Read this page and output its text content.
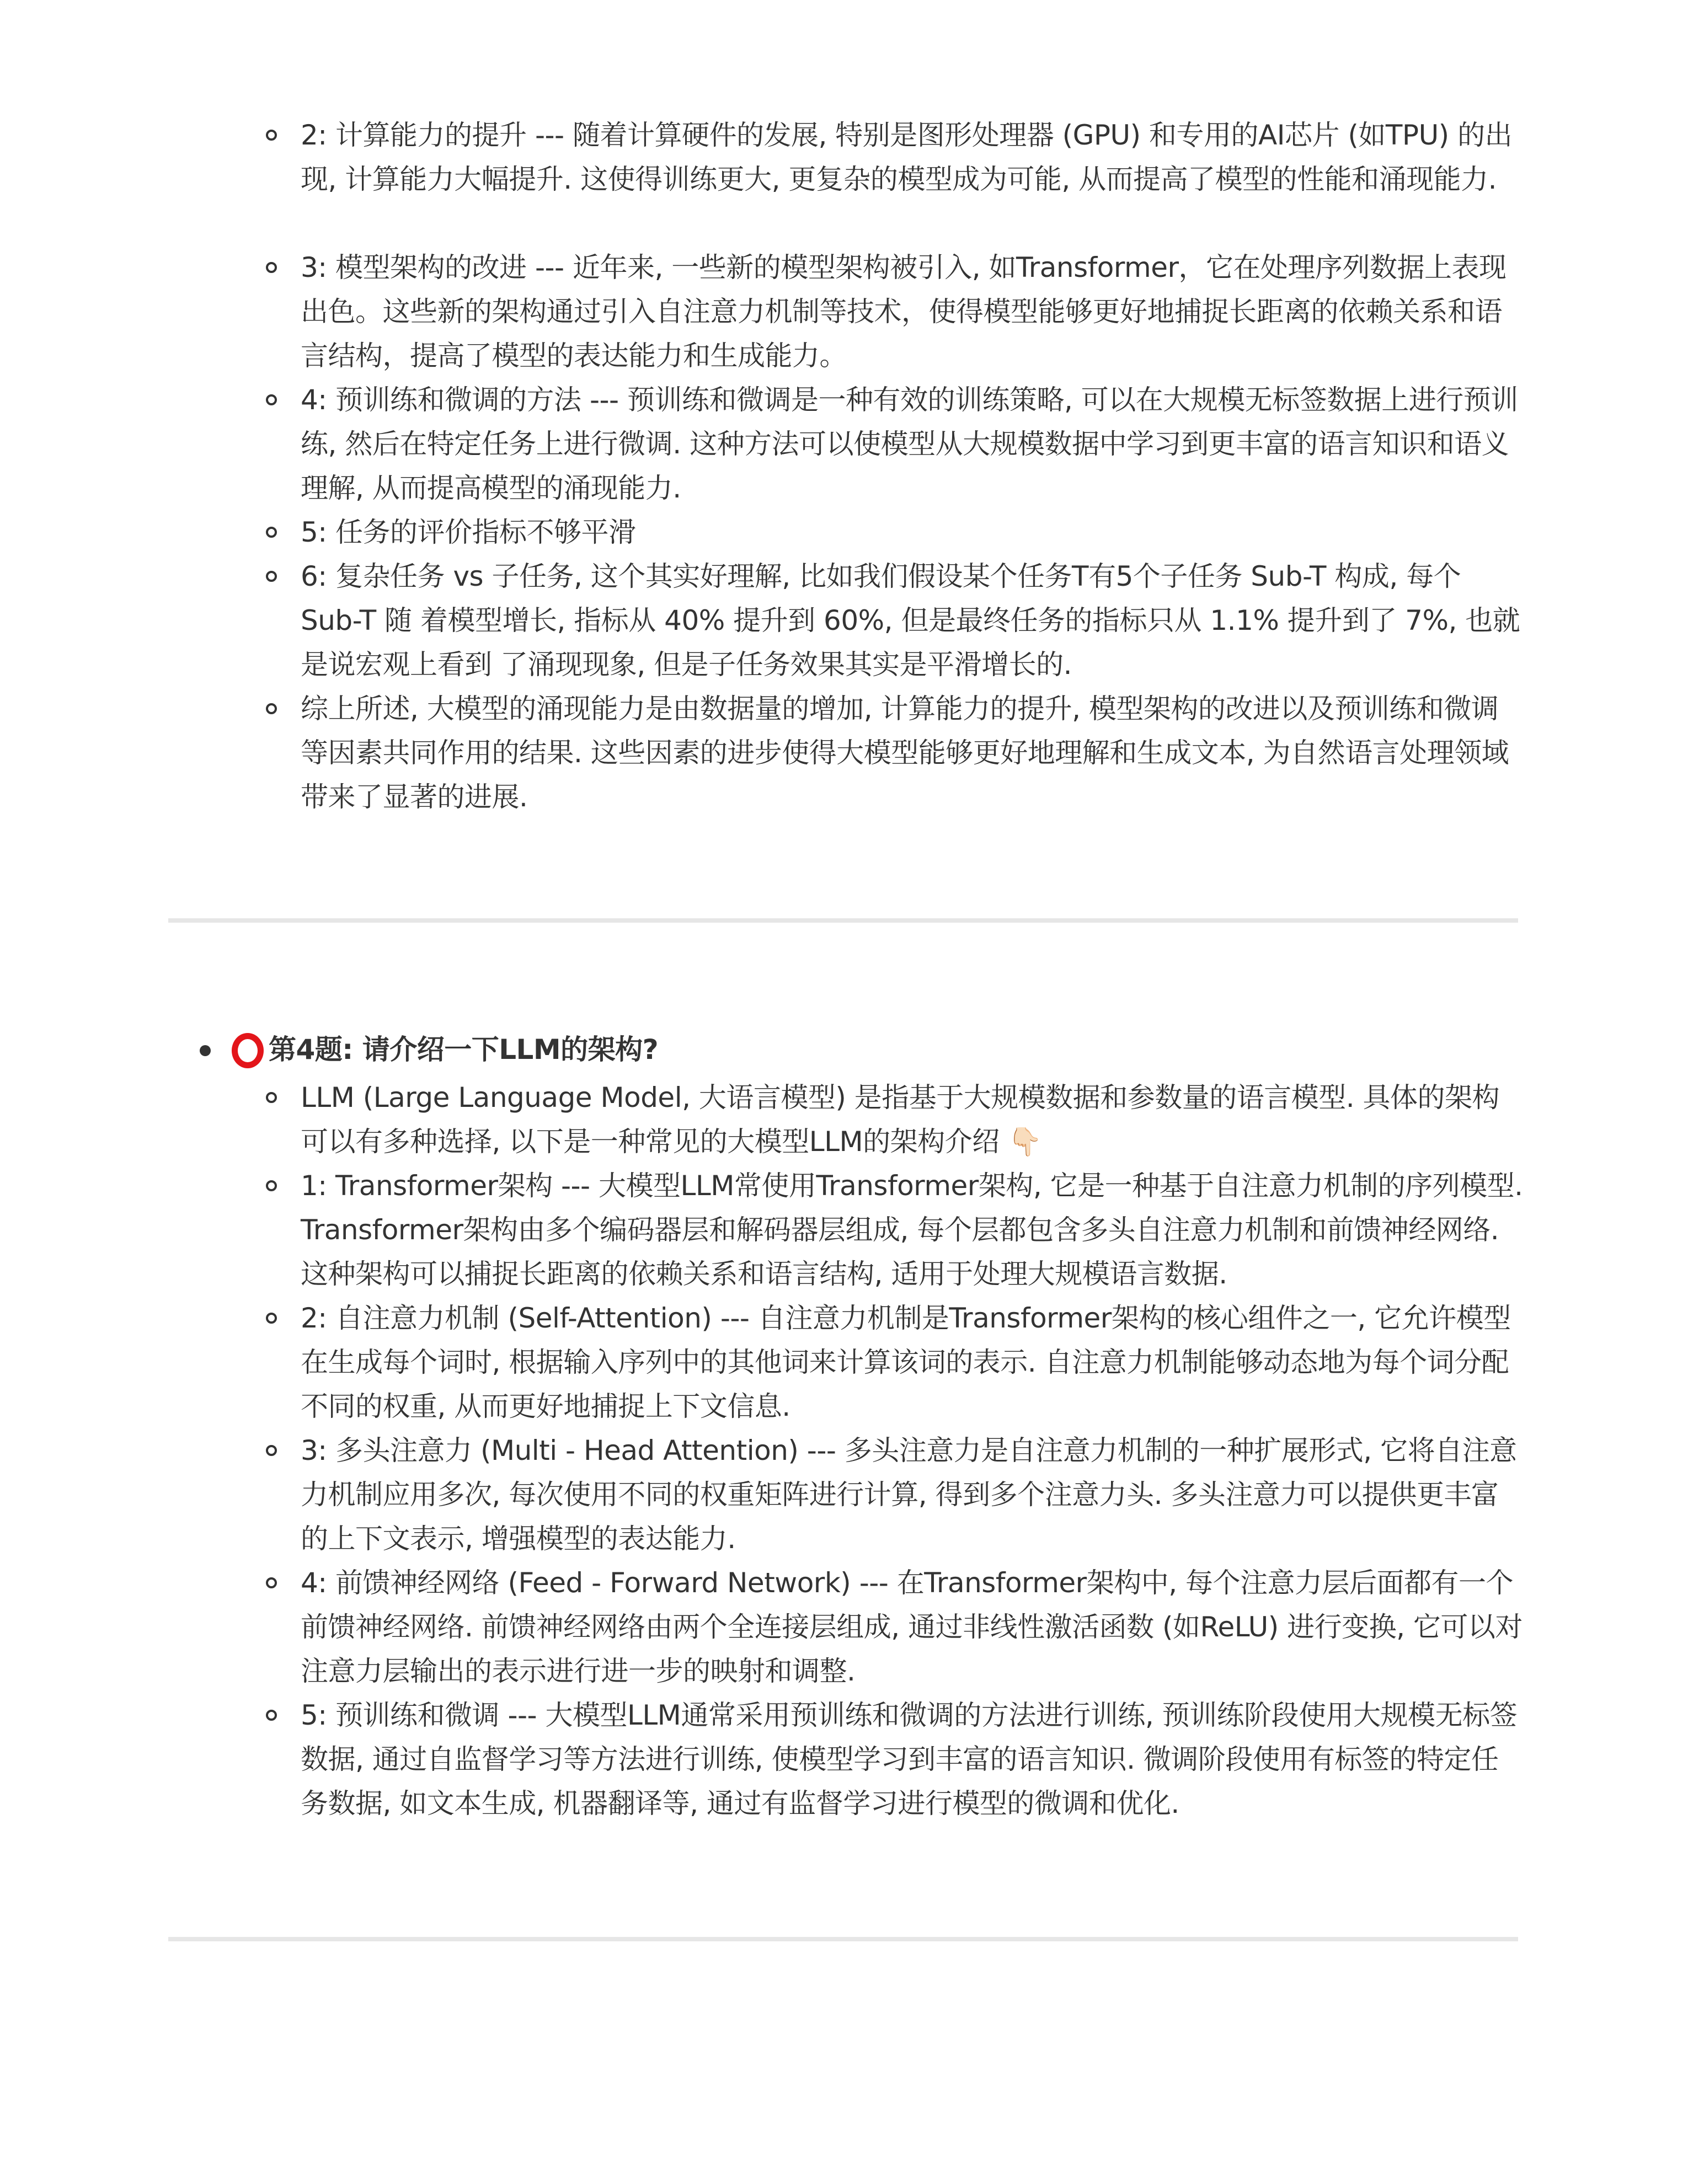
2: 计算能力的提升 --- 随着计算硬件的发展, 特别是图形处理器 (GPU) 和专用的AI芯片 (如TPU) 的出现, 计算能力大幅提升. 这使得训练更大, 更复杂的模型成为可能, 从而提高了模型的性能和涌现能力.
3: 模型架构的改进 --- 近年来, 一些新的模型架构被引入, 如Transformer，它在处理序列数据上表现出色。这些新的架构通过引入自注意力机制等技术，使得模型能够更好地捕捉长距离的依赖关系和语言结构，提高了模型的表达能力和生成能力。
4: 预训练和微调的方法 --- 预训练和微调是一种有效的训练策略, 可以在大规模无标签数据上进行预训练, 然后在特定任务上进行微调. 这种方法可以使模型从大规模数据中学习到更丰富的语言知识和语义理解, 从而提高模型的涌现能力.
5: 任务的评价指标不够平滑
6: 复杂任务 vs 子任务, 这个其实好理解, 比如我们假设某个任务T有5个子任务 Sub-T 构成, 每个 Sub-T 随 着模型增长, 指标从 40% 提升到 60%, 但是最终任务的指标只从 1.1% 提升到了 7%, 也就是说宏观上看到 了涌现现象, 但是子任务效果其实是平滑增长的.
综上所述, 大模型的涌现能力是由数据量的增加, 计算能力的提升, 模型架构的改进以及预训练和微调等因素共同作用的结果. 这些因素的进步使得大模型能够更好地理解和生成文本, 为自然语言处理领域带来了显著的进展.
第4题: 请介绍一下LLM的架构?
LLM (Large Language Model, 大语言模型) 是指基于大规模数据和参数量的语言模型. 具体的架构可以有多种选择, 以下是一种常见的大模型LLM的架构介绍 👇🏻
1: Transformer架构 --- 大模型LLM常使用Transformer架构, 它是一种基于自注意力机制的序列模型. Transformer架构由多个编码器层和解码器层组成, 每个层都包含多头自注意力机制和前馈神经网络. 这种架构可以捕捉长距离的依赖关系和语言结构, 适用于处理大规模语言数据.
2: 自注意力机制 (Self-Attention) --- 自注意力机制是Transformer架构的核心组件之一, 它允许模型在生成每个词时, 根据输入序列中的其他词来计算该词的表示. 自注意力机制能够动态地为每个词分配不同的权重, 从而更好地捕捉上下文信息.
3: 多头注意力 (Multi - Head Attention) --- 多头注意力是自注意力机制的一种扩展形式, 它将自注意力机制应用多次, 每次使用不同的权重矩阵进行计算, 得到多个注意力头. 多头注意力可以提供更丰富的上下文表示, 增强模型的表达能力.
4: 前馈神经网络 (Feed - Forward Network) --- 在Transformer架构中, 每个注意力层后面都有一个前馈神经网络. 前馈神经网络由两个全连接层组成, 通过非线性激活函数 (如ReLU) 进行变换, 它可以对注意力层输出的表示进行进一步的映射和调整.
5: 预训练和微调 --- 大模型LLM通常采用预训练和微调的方法进行训练, 预训练阶段使用大规模无标签数据, 通过自监督学习等方法进行训练, 使模型学习到丰富的语言知识. 微调阶段使用有标签的特定任务数据, 如文本生成, 机器翻译等, 通过有监督学习进行模型的微调和优化.
